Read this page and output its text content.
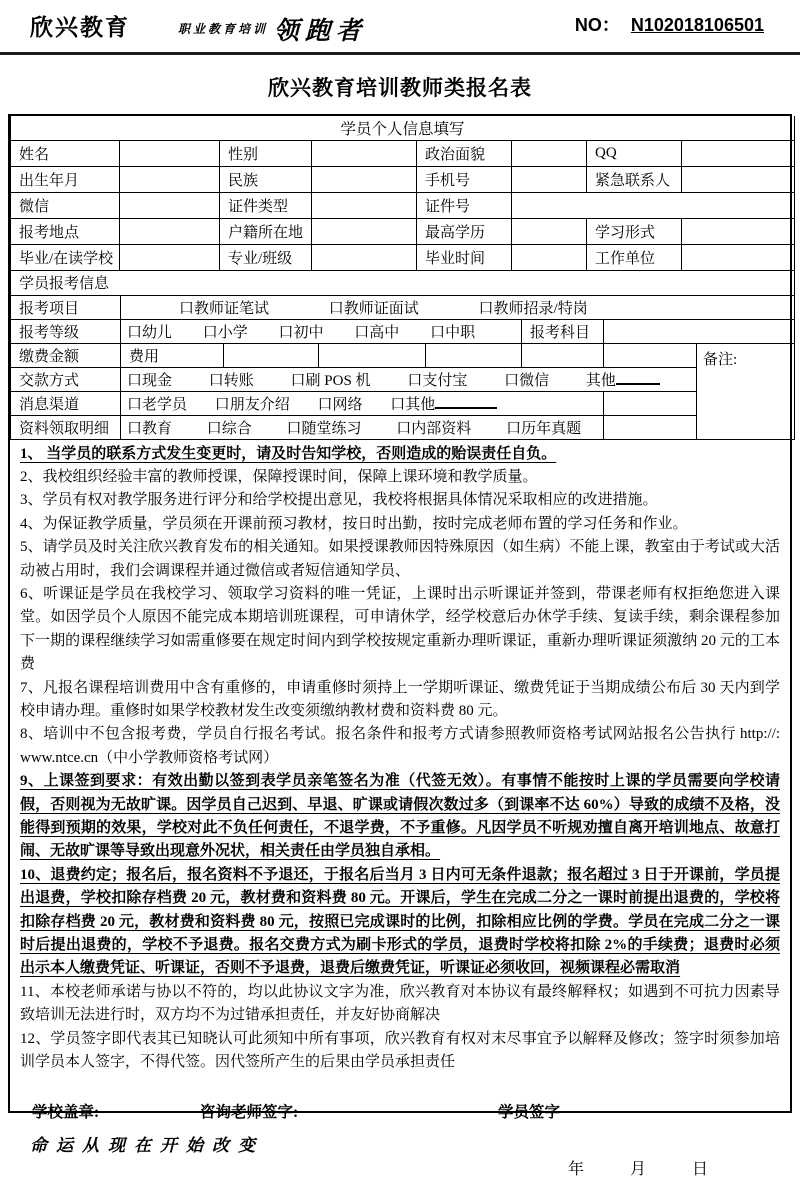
欣兴教育	$^{职业教育培训}$ 领跑者	NO： N102018106501
欣兴教育培训教师类报名表
学员个人信息填写							
姓名		性别		政治面貌		QQ	
出生年月		民族		手机号		紧急联系人	
微信		证件类型		证件号			
报考地点		户籍所在地		最高学历		学习形式	
毕业/在读学校		专业/班级		毕业时间		工作单位	
学员报考信息							
报考项目	口教师证笔试 口教师证面试 口教师招录/特岗						
报考等级	口幼儿 口小学 口初中 口高中 口中职				报考科目		
缴费金额	费用						备注:
交款方式	口现金 口转账 口刷 POS 机 口支付宝 口微信 其他						
消息渠道	口老学员 口朋友介绍 口网络 口其他						
资料领取明细	口教育 口综合 口随堂练习 口内部资料 口历年真题						

1、 当学员的联系方式发生变更时，请及时告知学校，否则造成的贻误责任自负。

2、我校组织经验丰富的教师授课，保障授课时间，保障上课环境和教学质量。

3、学员有权对教学服务进行评分和给学校提出意见，我校将根据具体情况采取相应的改进措施。

4、为保证教学质量，学员须在开课前预习教材，按日时出勤，按时完成老师布置的学习任务和作业。

5、请学员及时关注欣兴教育发布的相关通知。如果授课教师因特殊原因（如生病）不能上课，教室由于考试或大活动被占用时，我们会调课程并通过微信或者短信通知学员、

6、听课证是学员在我校学习、领取学习资料的唯一凭证，上课时出示听课证并签到，带课老师有权拒绝您进入课堂。如因学员个人原因不能完成本期培训班课程，可申请休学，经学校意后办休学手续、复读手续，剩余课程参加下一期的课程继续学习如需重修要在规定时间内到学校按规定重新办理听课证，重新办理听课证须激纳 20 元的工本费

7、凡报名课程培训费用中含有重修的，申请重修时须持上一学期听课证、缴费凭证于当期成绩公布后 30 天内到学校申请办理。重修时如果学校教材发生改变须缴纳教材费和资料费 80 元。

8、培训中不包含报考费，学员自行报名考试。报名条件和报考方式请参照教师资格考试网站报名公告执行 http://: www.ntce.cn（中小学教师资格考试网）

9、上课签到要求：有效出勤以签到表学员亲笔签名为准（代签无效）。有事情不能按时上课的学员需要向学校请假，否则视为无故旷课。因学员自己迟到、早退、旷课或请假次数过多（到课率不达 60%）导致的成绩不及格，没能得到预期的效果，学校对此不负任何责任，不退学费，不予重修。凡因学员不听规劝擅自离开培训地点、故意打闹、无故旷课等导致出现意外况状，相关责任由学员独自承相。

10、退费约定；报名后，报名资料不予退还，于报名后当月 3 日内可无条件退款；报名超过 3 日于开课前，学员提出退费，学校扣除存档费 20 元，教材费和资料费 80 元。开课后，学生在完成二分之一课时前提出退费的，学校将扣除存档费 20 元，教材费和资料费 80 元，按照已完成课时的比例，扣除相应比例的学费。学员在完成二分之一课时后提出退费的，学校不予退费。报名交费方式为刷卡形式的学员，退费时学校将扣除 2%的手续费；退费时必须出示本人缴费凭证、听课证，否则不予退费，退费后缴费凭证，听课证必须收回，视频课程必需取消

11、本校老师承诺与协以不符的，均以此协议文字为准，欣兴教育对本协议有最终解释权；如遇到不可抗力因素导致培训无法进行时，双方均不为过错承担责任，并友好协商解决

12、学员签字即代表其已知晓认可此须知中所有事项，欣兴教育有权对末尽事宜予以解释及修改；签字时须参加培训学员本人签字，不得代签。因代签所产生的后果由学员承担责任

学校盖章:	咨询老师签字:	学员签字
年	月	日
命运从现在开始改变
